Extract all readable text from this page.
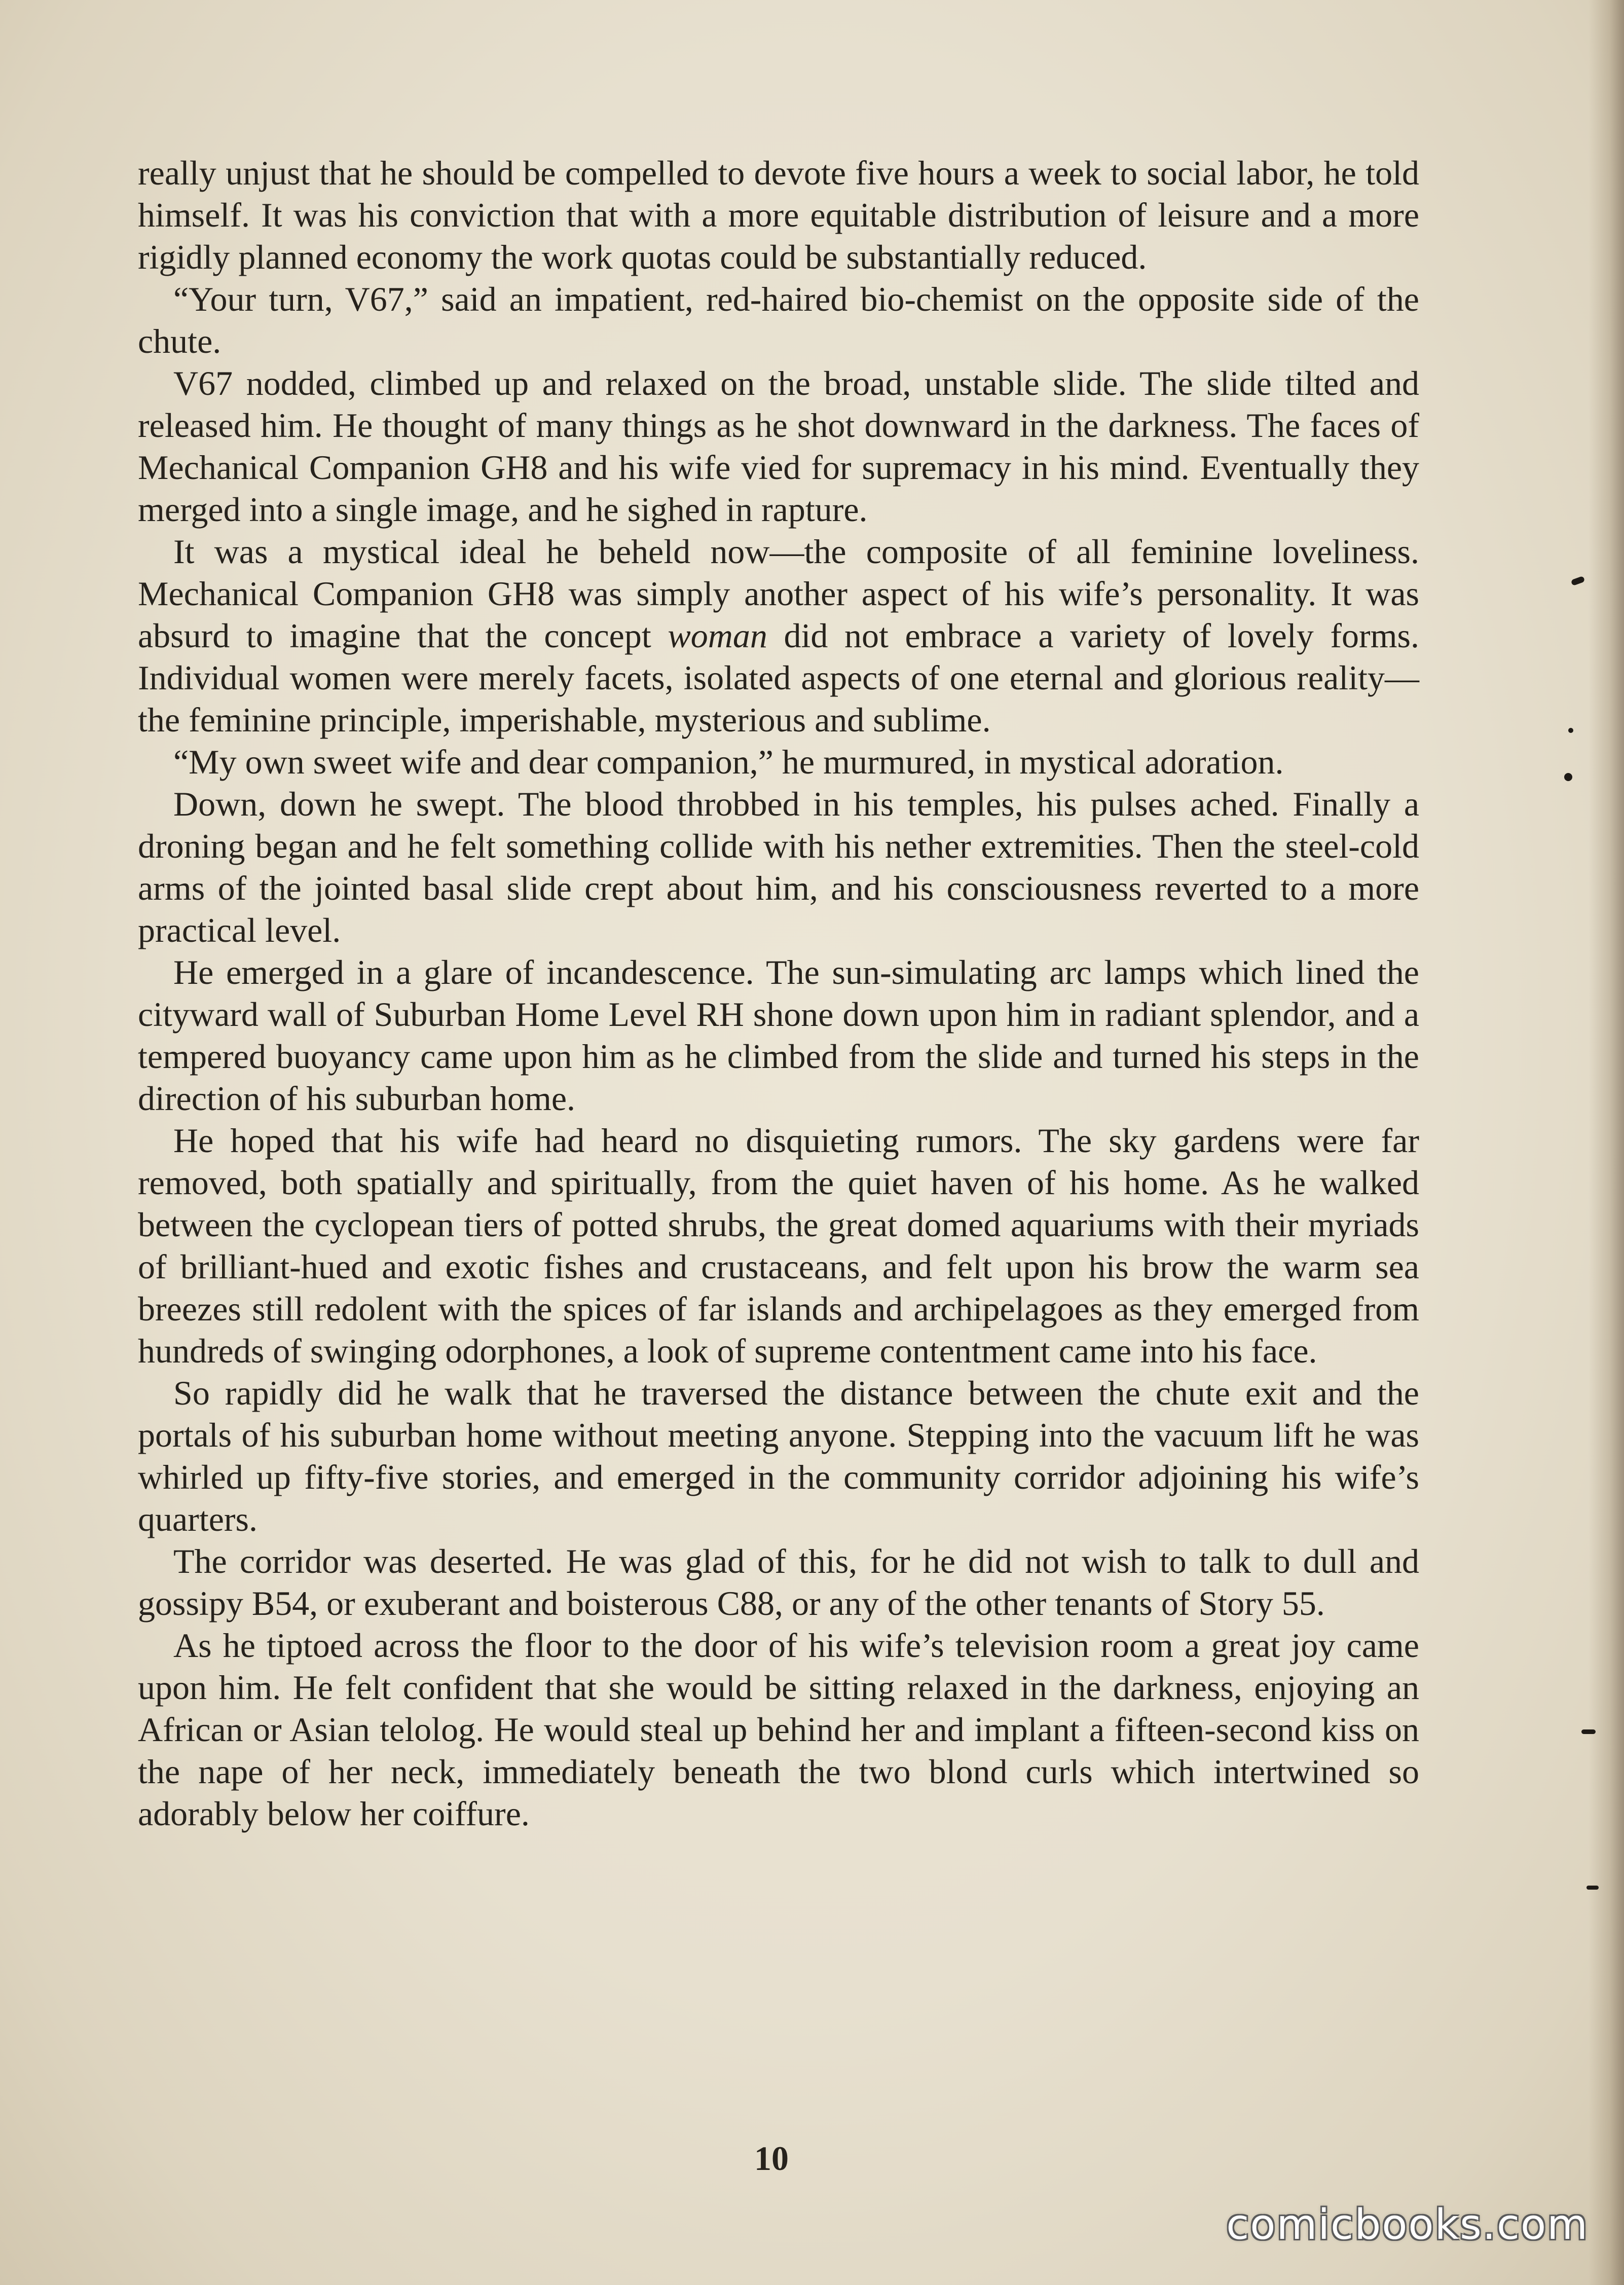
really unjust that he should be compelled to devote five hours a week to social labor, he told himself. It was his conviction that with a more equitable distribution of leisure and a more rigidly planned economy the work quotas could be substantially reduced.

“Your turn, V67,” said an impatient, red-haired bio-chemist on the opposite side of the chute.

V67 nodded, climbed up and relaxed on the broad, unstable slide. The slide tilted and released him. He thought of many things as he shot downward in the darkness. The faces of Mechanical Companion GH8 and his wife vied for supremacy in his mind. Eventually they merged into a single image, and he sighed in rapture.

It was a mystical ideal he beheld now—the composite of all feminine loveliness. Mechanical Companion GH8 was simply another aspect of his wife’s personality. It was absurd to imagine that the concept woman did not embrace a variety of lovely forms. Individual women were merely facets, isolated aspects of one eternal and glorious reality—the feminine principle, imperishable, mysterious and sublime.

“My own sweet wife and dear companion,” he murmured, in mystical adoration.

Down, down he swept. The blood throbbed in his temples, his pulses ached. Finally a droning began and he felt something collide with his nether extremities. Then the steel-cold arms of the jointed basal slide crept about him, and his consciousness reverted to a more practical level.

He emerged in a glare of incandescence. The sun-simulating arc lamps which lined the cityward wall of Suburban Home Level RH shone down upon him in radiant splendor, and a tempered buoyancy came upon him as he climbed from the slide and turned his steps in the direction of his suburban home.

He hoped that his wife had heard no disquieting rumors. The sky gardens were far removed, both spatially and spiritually, from the quiet haven of his home. As he walked between the cyclopean tiers of potted shrubs, the great domed aquariums with their myriads of brilliant-hued and exotic fishes and crustaceans, and felt upon his brow the warm sea breezes still redolent with the spices of far islands and archipelagoes as they emerged from hundreds of swinging odorphones, a look of supreme contentment came into his face.

So rapidly did he walk that he traversed the distance between the chute exit and the portals of his suburban home without meeting anyone. Stepping into the vacuum lift he was whirled up fifty-five stories, and emerged in the community corridor adjoining his wife’s quarters.

The corridor was deserted. He was glad of this, for he did not wish to talk to dull and gossipy B54, or exuberant and boisterous C88, or any of the other tenants of Story 55.

As he tiptoed across the floor to the door of his wife’s television room a great joy came upon him. He felt confident that she would be sitting relaxed in the darkness, enjoying an African or Asian telolog. He would steal up behind her and implant a fifteen-second kiss on the nape of her neck, immediately beneath the two blond curls which intertwined so adorably below her coiffure.

10
comicbooks.com
